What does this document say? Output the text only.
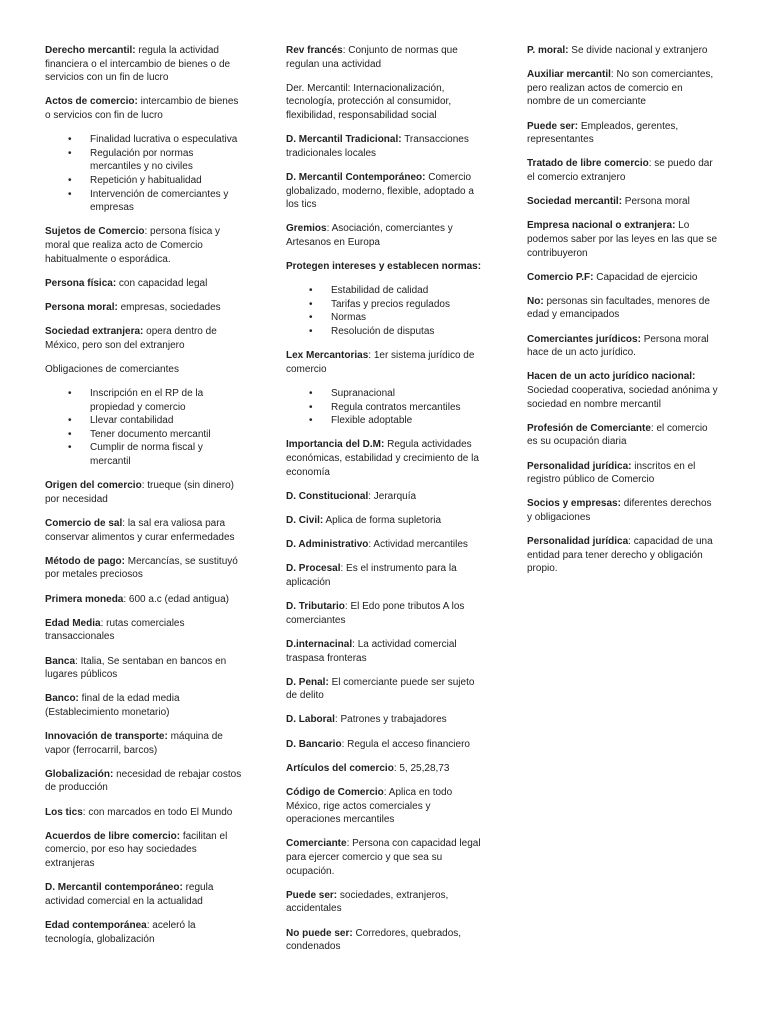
Derecho mercantil: regula la actividad financiera o el intercambio de bienes o de servicios con un fin de lucro

Actos de comercio: intercambio de bienes o servicios con fin de lucro

• Finalidad lucrativa o especulativa
• Regulación por normas mercantiles y no civiles
• Repetición y habitualidad
• Intervención de comerciantes y empresas

Sujetos de Comercio: persona física y moral que realiza acto de Comercio habitualmente o esporádica.

Persona física: con capacidad legal

Persona moral: empresas, sociedades

Sociedad extranjera: opera dentro de México, pero son del extranjero

Obligaciones de comerciantes

• Inscripción en el RP de la propiedad y comercio
• Llevar contabilidad
• Tener documento mercantil
• Cumplir de norma fiscal y mercantil

Origen del comercio: trueque (sin dinero) por necesidad

Comercio de sal: la sal era valiosa para conservar alimentos y curar enfermedades

Método de pago: Mercancías, se sustituyó por metales preciosos

Primera moneda: 600 a.c (edad antigua)

Edad Media: rutas comerciales transaccionales

Banca: Italia, Se sentaban en bancos en lugares públicos

Banco: final de la edad media (Establecimiento monetario)

Innovación de transporte: máquina de vapor (ferrocarril, barcos)

Globalización: necesidad de rebajar costos de producción

Los tics: con marcados en todo El Mundo

Acuerdos de libre comercio: facilitan el comercio, por eso hay sociedades extranjeras

D. Mercantil contemporáneo: regula actividad comercial en la actualidad

Edad contemporánea: aceleró la tecnología, globalización

Rev francés: Conjunto de normas que regulan una actividad

Der. Mercantil: Internacionalización, tecnología, protección al consumidor, flexibilidad, responsabilidad social

D. Mercantil Tradicional: Transacciones tradicionales locales

D. Mercantil Contemporáneo: Comercio globalizado, moderno, flexible, adoptado a los tics

Gremios: Asociación, comerciantes y Artesanos en Europa

Protegen intereses y establecen normas:

• Estabilidad de calidad
• Tarifas y precios regulados
• Normas
• Resolución de disputas

Lex Mercantorias: 1er sistema jurídico de comercio

• Supranacional
• Regula contratos mercantiles
• Flexible adoptable

Importancia del D.M: Regula actividades económicas, estabilidad y crecimiento de la economía

D. Constitucional: Jerarquía

D. Civil: Aplica de forma supletoria

D. Administrativo: Actividad mercantiles

D. Procesal: Es el instrumento para la aplicación

D. Tributario: El Edo pone tributos A los comerciantes

D.internacinal: La actividad comercial traspasa fronteras

D. Penal: El comerciante puede ser sujeto de delito

D. Laboral: Patrones y trabajadores

D. Bancario: Regula el acceso financiero

Artículos del comercio: 5, 25,28,73

Código de Comercio: Aplica en todo México, rige actos comerciales y operaciones mercantiles

Comerciante: Persona con capacidad legal para ejercer comercio y que sea su ocupación.

Puede ser: sociedades, extranjeros, accidentales

No puede ser: Corredores, quebrados, condenados

P. moral: Se divide nacional y extranjero

Auxiliar mercantil: No son comerciantes, pero realizan actos de comercio en nombre de un comerciante

Puede ser: Empleados, gerentes, representantes

Tratado de libre comercio: se puedo dar el comercio extranjero

Sociedad mercantil: Persona moral

Empresa nacional o extranjera: Lo podemos saber por las leyes en las que se contribuyeron

Comercio P.F: Capacidad de ejercicio

No: personas sin facultades, menores de edad y emancipados

Comerciantes jurídicos: Persona moral hace de un acto jurídico.

Hacen de un acto jurídico nacional: Sociedad cooperativa, sociedad anónima y sociedad en nombre mercantil

Profesión de Comerciante: el comercio es su ocupación diaria

Personalidad jurídica: inscritos en el registro público de Comercio

Socios y empresas: diferentes derechos y obligaciones

Personalidad jurídica: capacidad de una entidad para tener derecho y obligación propio.
